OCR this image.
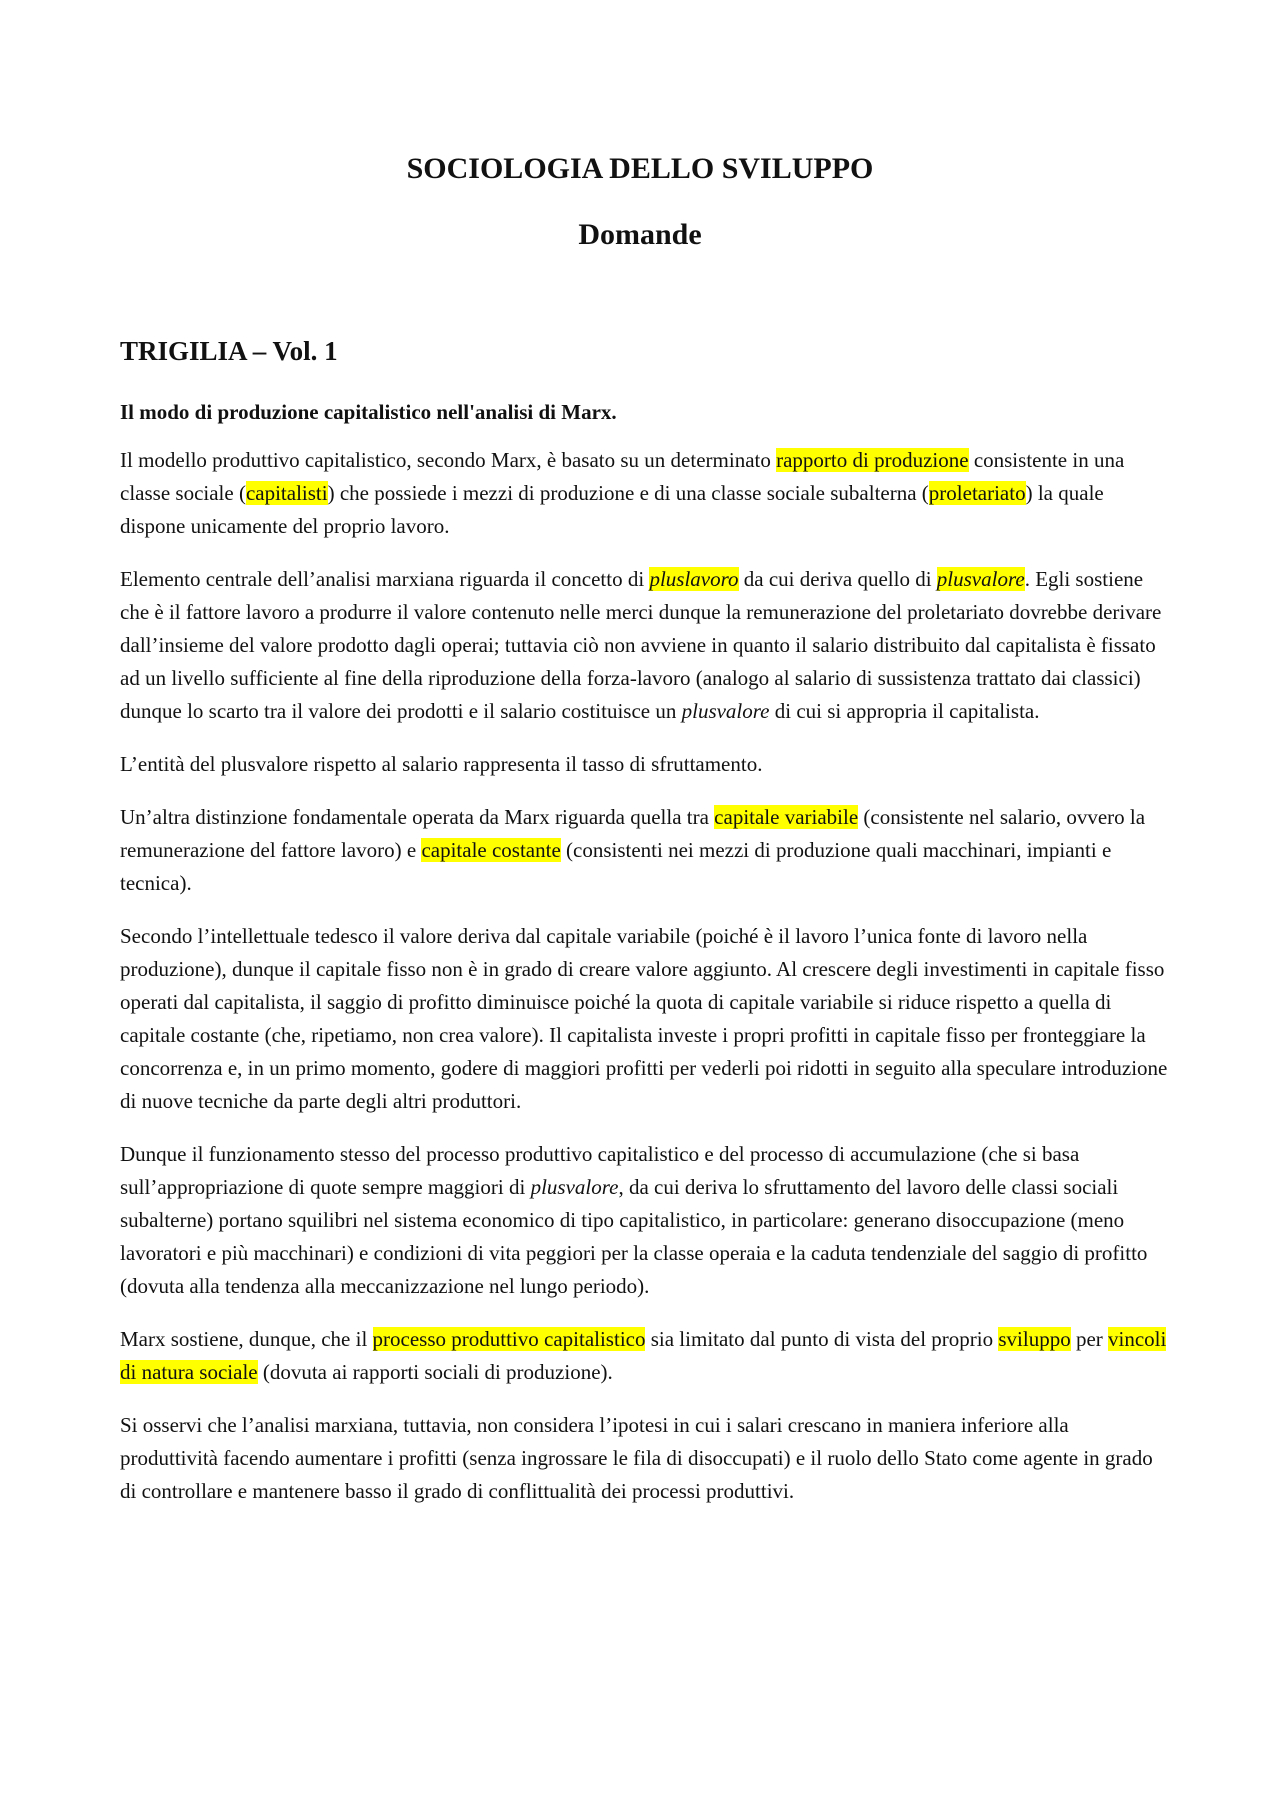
SOCIOLOGIA DELLO SVILUPPO
Domande
TRIGILIA – Vol. 1
Il modo di produzione capitalistico nell'analisi di Marx.

Il modello produttivo capitalistico, secondo Marx, è basato su un determinato rapporto di produzione consistente in una classe sociale (capitalisti) che possiede i mezzi di produzione e di una classe sociale subalterna (proletariato) la quale dispone unicamente del proprio lavoro.

Elemento centrale dell’analisi marxiana riguarda il concetto di pluslavoro da cui deriva quello di plusvalore. Egli sostiene che è il fattore lavoro a produrre il valore contenuto nelle merci dunque la remunerazione del proletariato dovrebbe derivare dall’insieme del valore prodotto dagli operai; tuttavia ciò non avviene in quanto il salario distribuito dal capitalista è fissato ad un livello sufficiente al fine della riproduzione della forza-lavoro (analogo al salario di sussistenza trattato dai classici) dunque lo scarto tra il valore dei prodotti e il salario costituisce un plusvalore di cui si appropria il capitalista.

L’entità del plusvalore rispetto al salario rappresenta il tasso di sfruttamento.

Un’altra distinzione fondamentale operata da Marx riguarda quella tra capitale variabile (consistente nel salario, ovvero la remunerazione del fattore lavoro) e capitale costante (consistenti nei mezzi di produzione quali macchinari, impianti e tecnica).

Secondo l’intellettuale tedesco il valore deriva dal capitale variabile (poiché è il lavoro l’unica fonte di lavoro nella produzione), dunque il capitale fisso non è in grado di creare valore aggiunto. Al crescere degli investimenti in capitale fisso operati dal capitalista, il saggio di profitto diminuisce poiché la quota di capitale variabile si riduce rispetto a quella di capitale costante (che, ripetiamo, non crea valore). Il capitalista investe i propri profitti in capitale fisso per fronteggiare la concorrenza e, in un primo momento, godere di maggiori profitti per vederli poi ridotti in seguito alla speculare introduzione di nuove tecniche da parte degli altri produttori.

Dunque il funzionamento stesso del processo produttivo capitalistico e del processo di accumulazione (che si basa sull’appropriazione di quote sempre maggiori di plusvalore, da cui deriva lo sfruttamento del lavoro delle classi sociali subalterne) portano squilibri nel sistema economico di tipo capitalistico, in particolare: generano disoccupazione (meno lavoratori e più macchinari) e condizioni di vita peggiori per la classe operaia e la caduta tendenziale del saggio di profitto (dovuta alla tendenza alla meccanizzazione nel lungo periodo).

Marx sostiene, dunque, che il processo produttivo capitalistico sia limitato dal punto di vista del proprio sviluppo per vincoli di natura sociale (dovuta ai rapporti sociali di produzione).

Si osservi che l’analisi marxiana, tuttavia, non considera l’ipotesi in cui i salari crescano in maniera inferiore alla produttività facendo aumentare i profitti (senza ingrossare le fila di disoccupati) e il ruolo dello Stato come agente in grado di controllare e mantenere basso il grado di conflittualità dei processi produttivi.
